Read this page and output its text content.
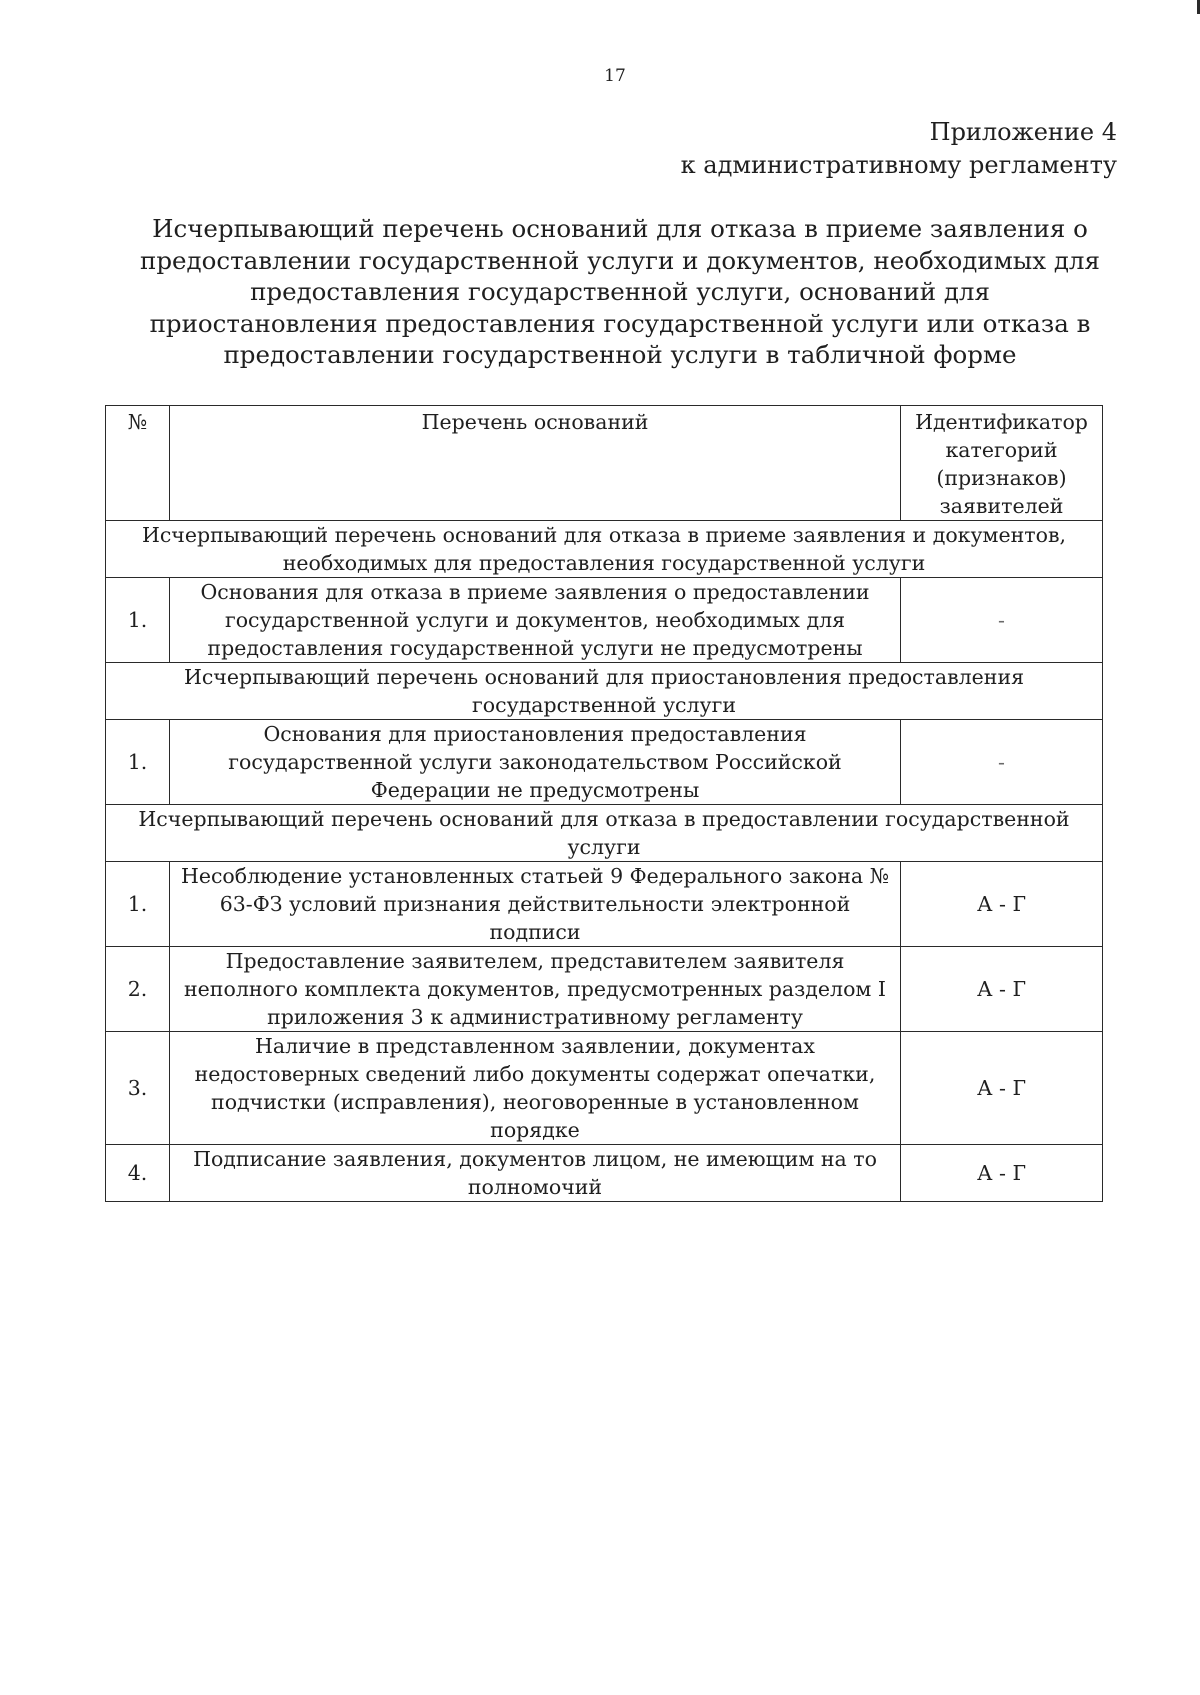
17
Приложение 4
к административному регламенту
Исчерпывающий перечень оснований для отказа в приеме заявления о предоставлении государственной услуги и документов, необходимых для предоставления государственной услуги, оснований для приостановления предоставления государственной услуги или отказа в предоставлении государственной услуги в табличной форме
№	Перечень оснований	Идентификатор категорий (признаков) заявителей
Исчерпывающий перечень оснований для отказа в приеме заявления и документов, необходимых для предоставления государственной услуги		
1.	Основания для отказа в приеме заявления о предоставлении государственной услуги и документов, необходимых для предоставления государственной услуги не предусмотрены	-
Исчерпывающий перечень оснований для приостановления предоставления государственной услуги		
1.	Основания для приостановления предоставления государственной услуги законодательством Российской Федерации не предусмотрены	-
Исчерпывающий перечень оснований для отказа в предоставлении государственной услуги		
1.	Несоблюдение установленных статьей 9 Федерального закона № 63-ФЗ условий признания действительности электронной подписи	А - Г
2.	Предоставление заявителем, представителем заявителя неполного комплекта документов, предусмотренных разделом I приложения 3 к административному регламенту	А - Г
3.	Наличие в представленном заявлении, документах недостоверных сведений либо документы содержат опечатки, подчистки (исправления), неоговоренные в установленном порядке	А - Г
4.	Подписание заявления, документов лицом, не имеющим на то полномочий	А - Г
